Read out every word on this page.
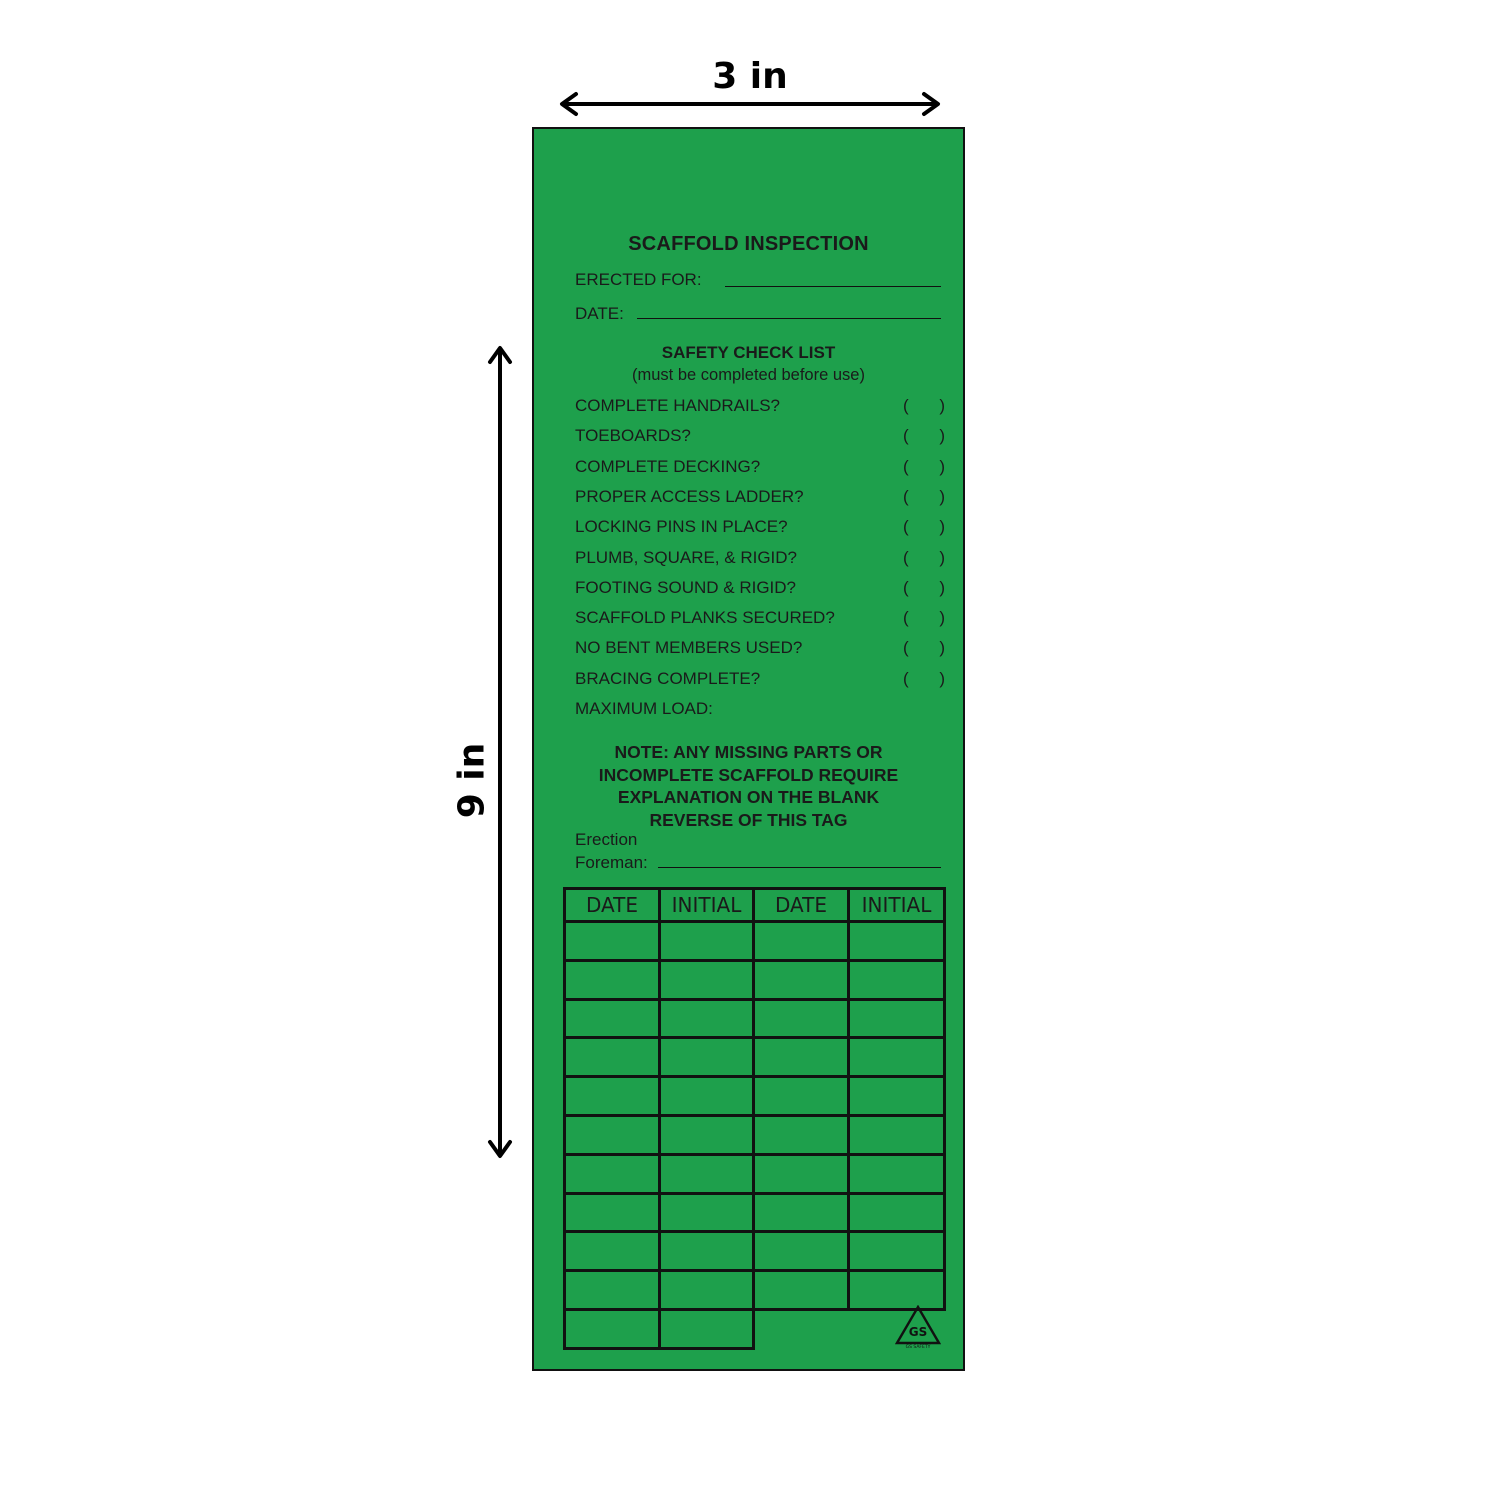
3 in
9 in
SCAFFOLD INSPECTION
ERECTED FOR:
DATE:
SAFETY CHECK LIST
(must be completed before use)
COMPLETE HANDRAILS?	( )
TOEBOARDS?	( )
COMPLETE DECKING?	( )
PROPER ACCESS LADDER?	( )
LOCKING PINS IN PLACE?	( )
PLUMB, SQUARE, & RIGID?	( )
FOOTING SOUND & RIGID?	( )
SCAFFOLD PLANKS SECURED?	( )
NO BENT MEMBERS USED?	( )
BRACING COMPLETE?	( )
MAXIMUM LOAD:
NOTE: ANY MISSING PARTS OR
INCOMPLETE SCAFFOLD REQUIRE
EXPLANATION ON THE BLANK
REVERSE OF THIS TAG
Erection
Foreman:
DATE	INITIAL	DATE	INITIAL
GS
GS SAFETY
